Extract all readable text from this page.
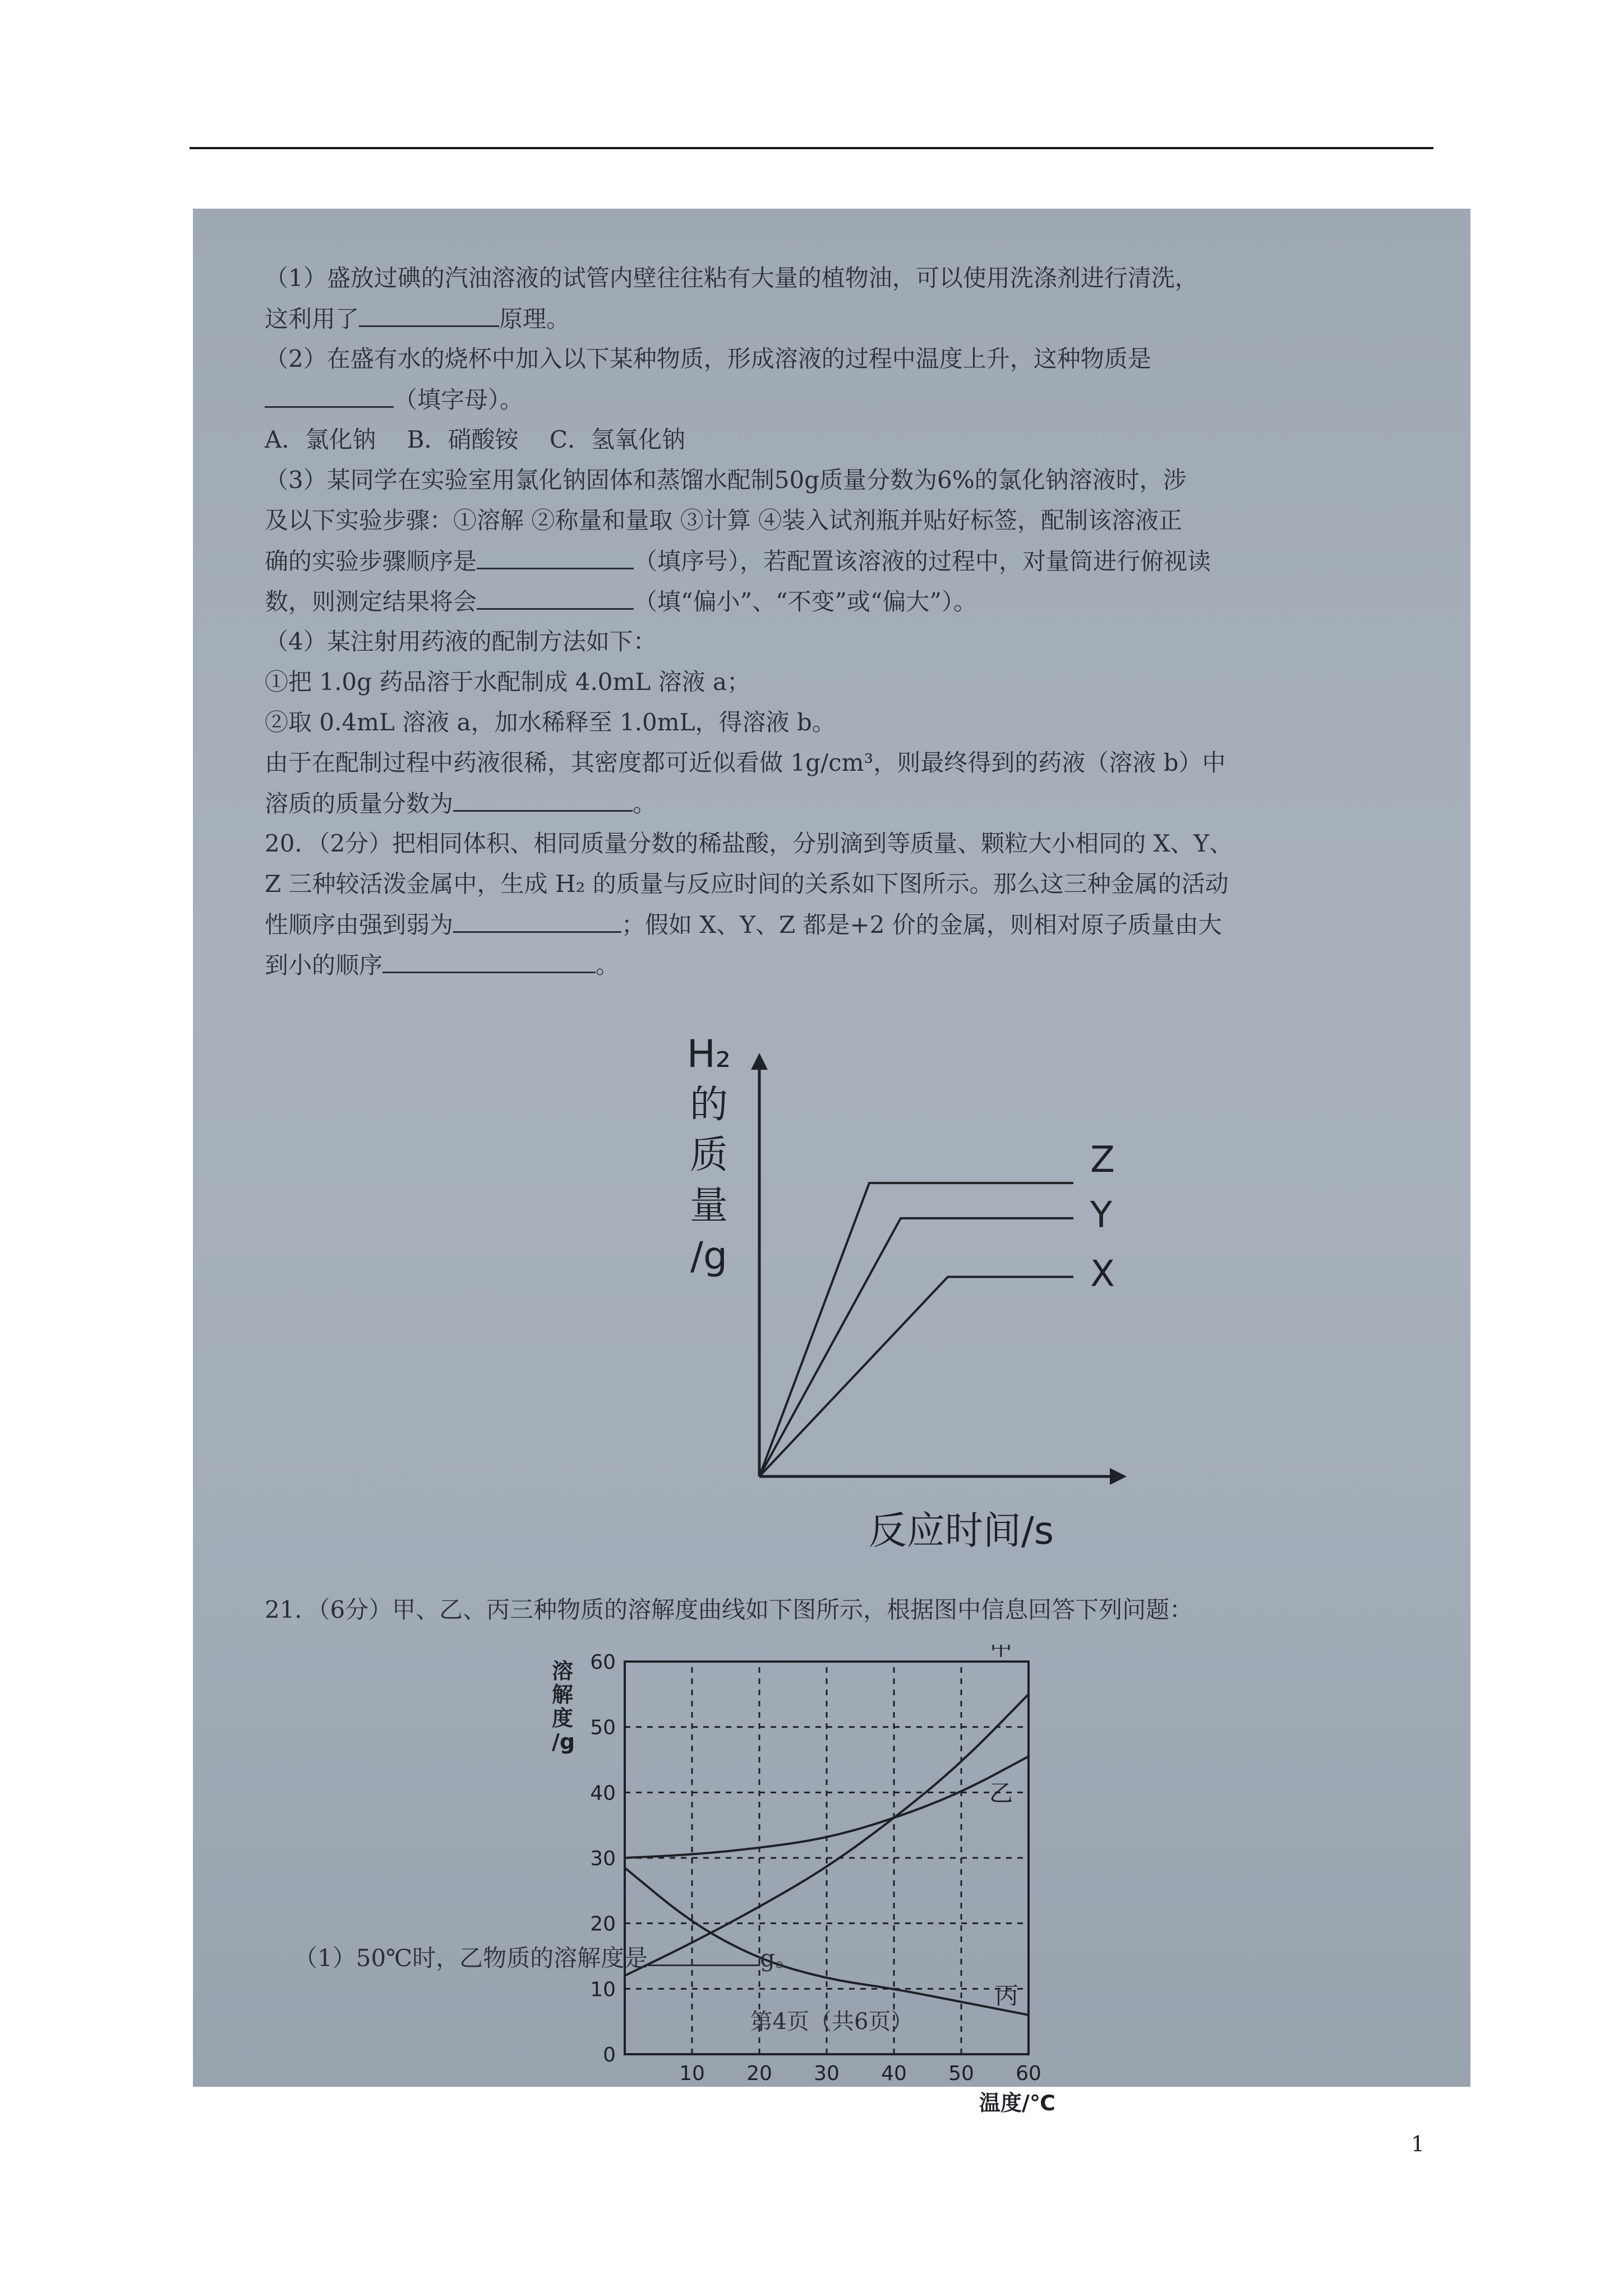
（1）盛放过碘的汽油溶液的试管内壁往往粘有大量的植物油，可以使用洗涤剂进行清洗，
这利用了	原理。
（2）在盛有水的烧杯中加入以下某种物质，形成溶液的过程中温度上升，这种物质是
（填字母）。
A．氯化钠　 B．硝酸铵　 C．氢氧化钠
（3）某同学在实验室用氯化钠固体和蒸馏水配制50g质量分数为6%的氯化钠溶液时，涉
及以下实验步骤：①溶解 ②称量和量取 ③计算 ④装入试剂瓶并贴好标签，配制该溶液正
确的实验步骤顺序是	（填序号），若配置该溶液的过程中，对量筒进行俯视读
数，则测定结果将会	（填“偏小”、“不变”或“偏大”）。
（4）某注射用药液的配制方法如下：
①把 1.0g 药品溶于水配制成 4.0mL 溶液 a；
②取 0.4mL 溶液 a，加水稀释至 1.0mL，得溶液 b。
由于在配制过程中药液很稀，其密度都可近似看做 1g/cm³，则最终得到的药液（溶液 b）中
溶质的质量分数为	。
20．（2分）把相同体积、相同质量分数的稀盐酸，分别滴到等质量、颗粒大小相同的 X、Y、
Z 三种较活泼金属中，生成 H₂ 的质量与反应时间的关系如下图所示。那么这三种金属的活动
性顺序由强到弱为	；假如 X、Y、Z 都是+2 价的金属，则相对原子质量由大
到小的顺序	。
Z
Y
X
H₂
的
质
量
/g
反应时间/s
21．（6分）甲、乙、丙三种物质的溶解度曲线如下图所示，根据图中信息回答下列问题：
10 20 30 40 50 60
0
10
20
30
40
50
60
甲
乙
丙
溶
解
度
/g
温度/℃
（1）50℃时，乙物质的溶解度是	g。
第4页（共6页）
1
